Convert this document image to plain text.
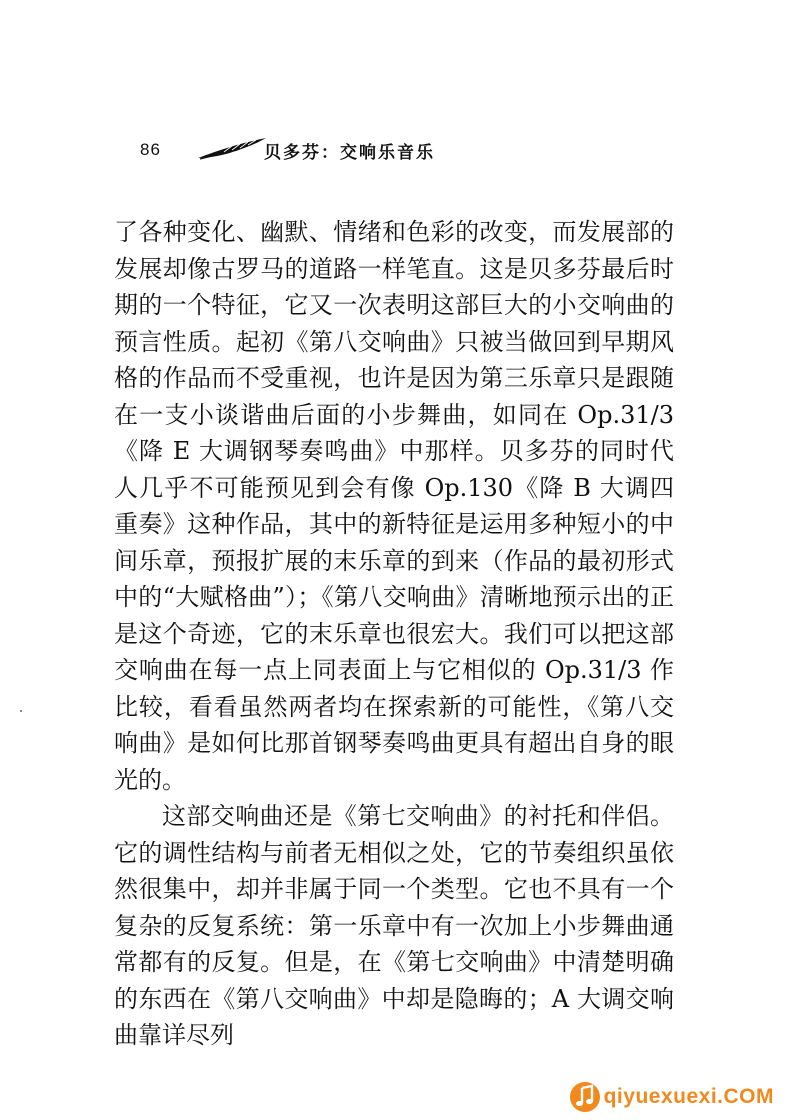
86	贝多芬：交响乐音乐

了各种变化、幽默、情绪和色彩的改变，而发展部的发展却像古罗马的道路一样笔直。这是贝多芬最后时期的一个特征，它又一次表明这部巨大的小交响曲的预言性质。起初《第八交响曲》只被当做回到早期风格的作品而不受重视，也许是因为第三乐章只是跟随在一支小谈谐曲后面的小步舞曲，如同在 Op.31/3《降 E 大调钢琴奏鸣曲》中那样。贝多芬的同时代人几乎不可能预见到会有像 Op.130《降 B 大调四重奏》这种作品，其中的新特征是运用多种短小的中间乐章，预报扩展的末乐章的到来（作品的最初形式中的“大赋格曲”）；《第八交响曲》清晰地预示出的正是这个奇迹，它的末乐章也很宏大。我们可以把这部交响曲在每一点上同表面上与它相似的 Op.31/3 作比较，看看虽然两者均在探索新的可能性，《第八交响曲》是如何比那首钢琴奏鸣曲更具有超出自身的眼光的。

这部交响曲还是《第七交响曲》的衬托和伴侣。它的调性结构与前者无相似之处，它的节奏组织虽依然很集中，却并非属于同一个类型。它也不具有一个复杂的反复系统：第一乐章中有一次加上小步舞曲通常都有的反复。但是，在《第七交响曲》中清楚明确的东西在《第八交响曲》中却是隐晦的；A 大调交响曲靠详尽列

qiyuexuexi.COM
